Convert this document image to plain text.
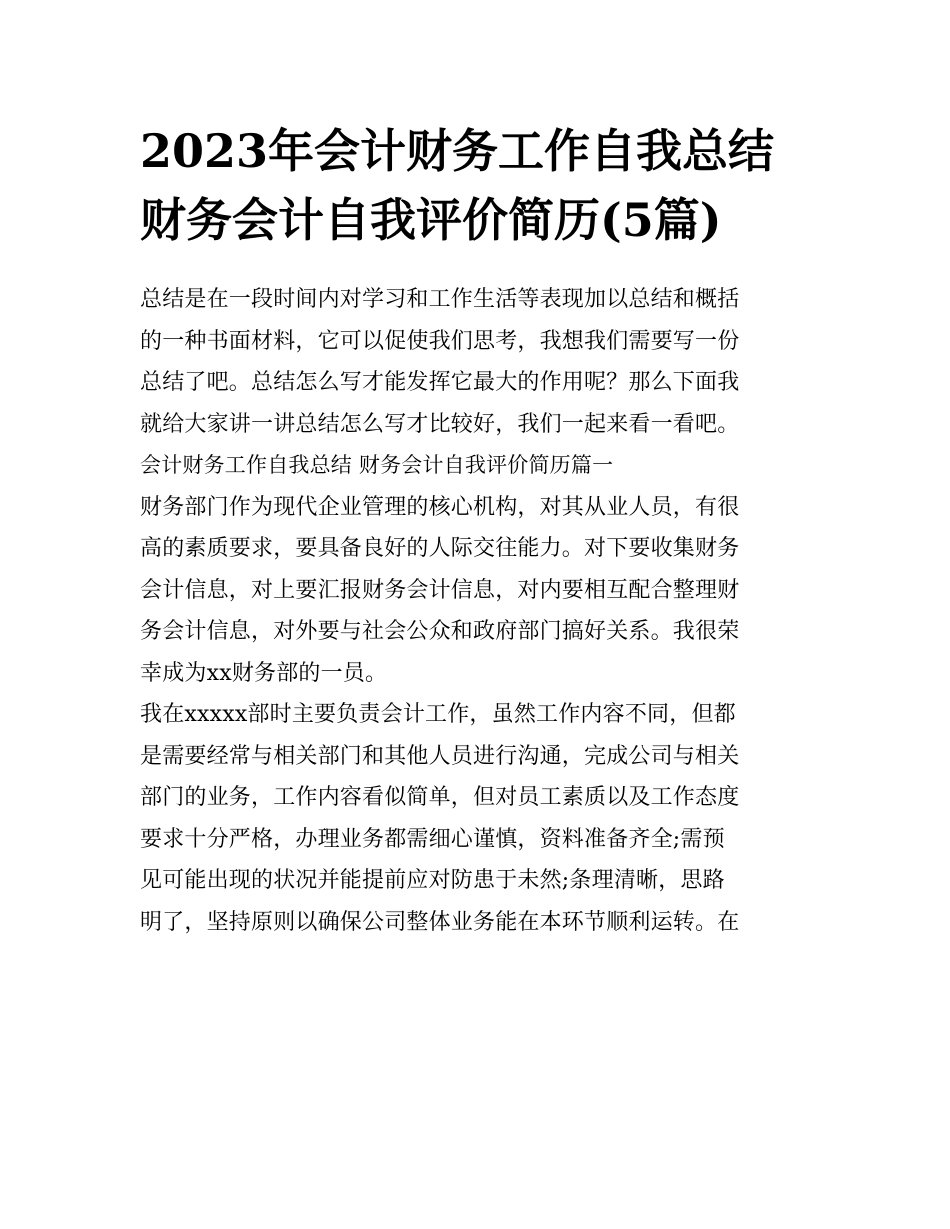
2023年会计财务工作自我总结
财务会计自我评价简历(5篇)
总结是在一段时间内对学习和工作生活等表现加以总结和概括
的一种书面材料，它可以促使我们思考，我想我们需要写一份
总结了吧。总结怎么写才能发挥它最大的作用呢？那么下面我
就给大家讲一讲总结怎么写才比较好，我们一起来看一看吧。
会计财务工作自我总结 财务会计自我评价简历篇一
财务部门作为现代企业管理的核心机构，对其从业人员，有很
高的素质要求，要具备良好的人际交往能力。对下要收集财务
会计信息，对上要汇报财务会计信息，对内要相互配合整理财
务会计信息，对外要与社会公众和政府部门搞好关系。我很荣
幸成为xx财务部的一员。
我在xxxxx部时主要负责会计工作，虽然工作内容不同，但都
是需要经常与相关部门和其他人员进行沟通，完成公司与相关
部门的业务，工作内容看似简单，但对员工素质以及工作态度
要求十分严格，办理业务都需细心谨慎，资料准备齐全;需预
见可能出现的状况并能提前应对防患于未然;条理清晰，思路
明了，坚持原则以确保公司整体业务能在本环节顺利运转。在
